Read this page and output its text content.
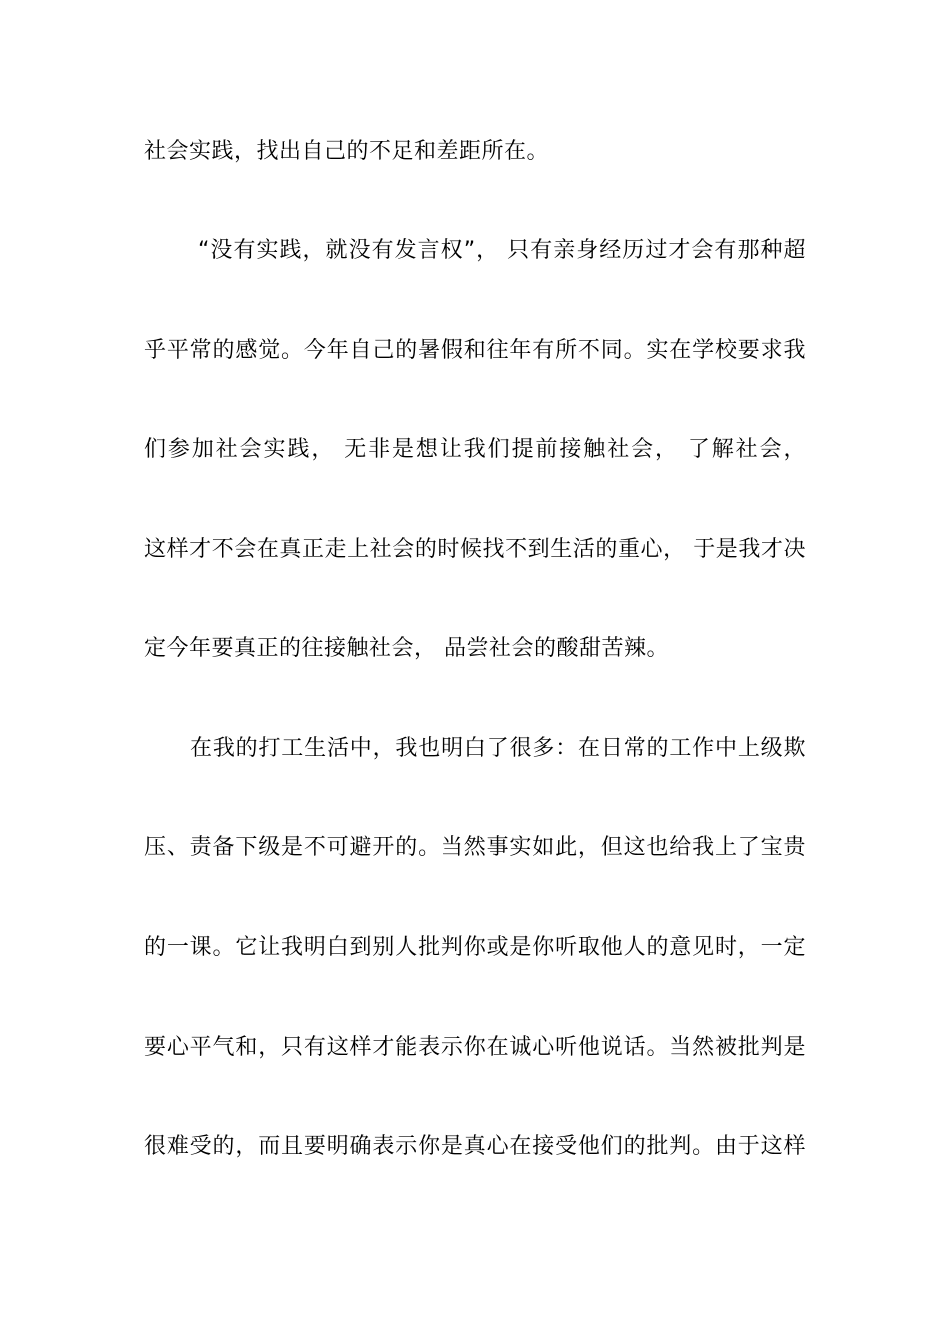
社会实践，找出自己的不足和差距所在。
“没有实践，就没有发言权”， 只有亲身经历过才会有那种超
乎平常的感觉。今年自己的暑假和往年有所不同。实在学校要求我
们参加社会实践， 无非是想让我们提前接触社会， 了解社会，
这样才不会在真正走上社会的时候找不到生活的重心， 于是我才决
定今年要真正的往接触社会， 品尝社会的酸甜苦辣。
在我的打工生活中，我也明白了很多：在日常的工作中上级欺
压、责备下级是不可避开的。当然事实如此，但这也给我上了宝贵
的一课。它让我明白到别人批判你或是你听取他人的意见时，一定
要心平气和，只有这样才能表示你在诚心听他说话。当然被批判是
很难受的，而且要明确表示你是真心在接受他们的批判。由于这样
